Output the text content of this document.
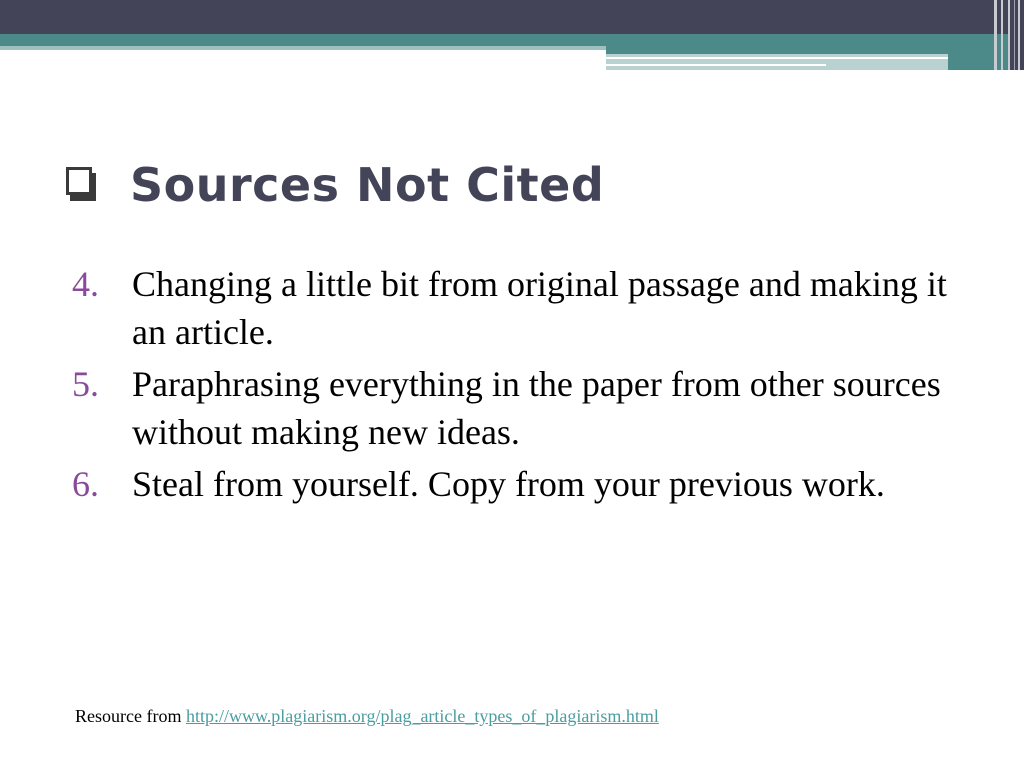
Sources Not Cited
4. Changing a little bit from original passage and making it an article.
5. Paraphrasing everything in the paper from other sources without making new ideas.
6. Steal from yourself. Copy from your previous work.
Resource from http://www.plagiarism.org/plag_article_types_of_plagiarism.html
